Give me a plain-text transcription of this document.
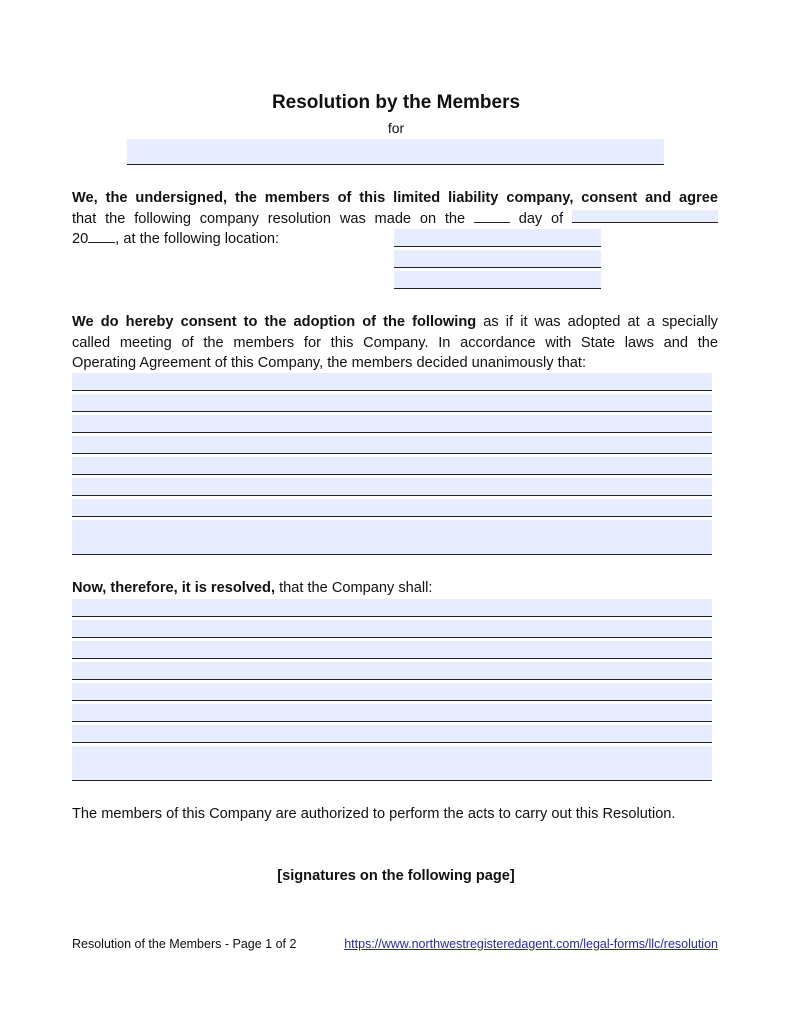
Resolution by the Members
for
We, the undersigned, the members of this limited liability company, consent and agree
that the following company resolution was made on the	day of
20 , at the following location:
We do hereby consent to the adoption of the following as if it was adopted at a specially
called meeting of the members for this Company. In accordance with State laws and the
Operating Agreement of this Company, the members decided unanimously that:
Now, therefore, it is resolved, that the Company shall:
The members of this Company are authorized to perform the acts to carry out this Resolution.
[signatures on the following page]
Resolution of the Members - Page 1 of 2	https://www.northwestregisteredagent.com/legal-forms/llc/resolution
